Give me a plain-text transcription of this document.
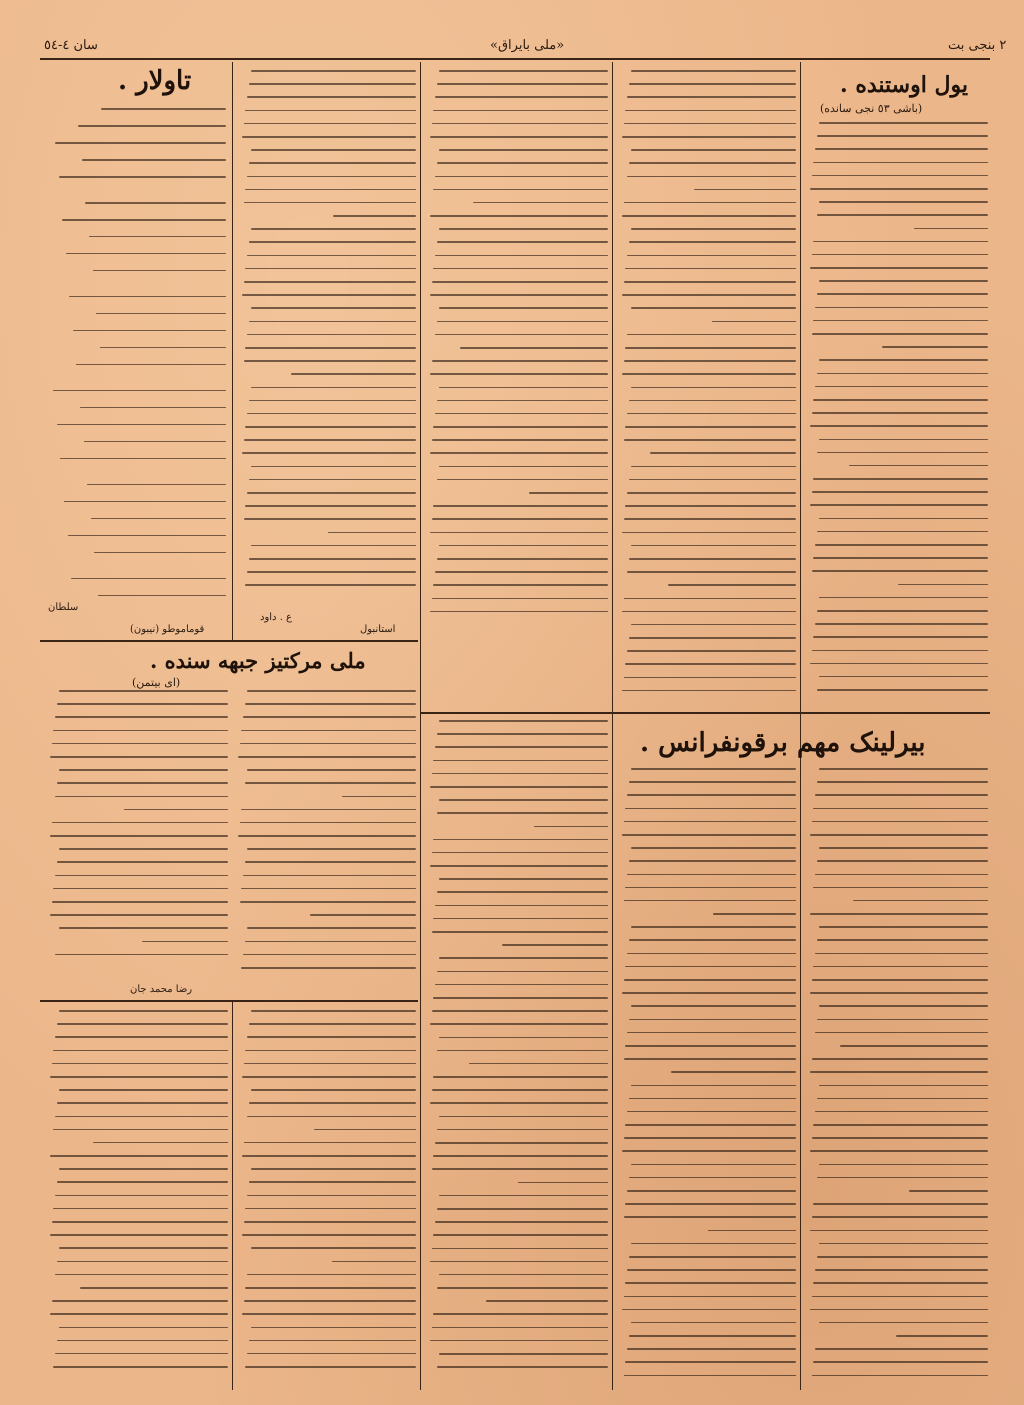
سان ٤-٥٤	«ملی بایراق»	۲ بنجی بت
یول اوستنده .
(باشی ٥٣ نجی سانده)
تاولار .
ملی مرکتیز جبهه سنده .
(ای بیتمن)
بیرلینک مهم برقونفرانس .
سلطان
ع . داود
استانبول
قوماموطو (نیبون)
رضا محمد جان
